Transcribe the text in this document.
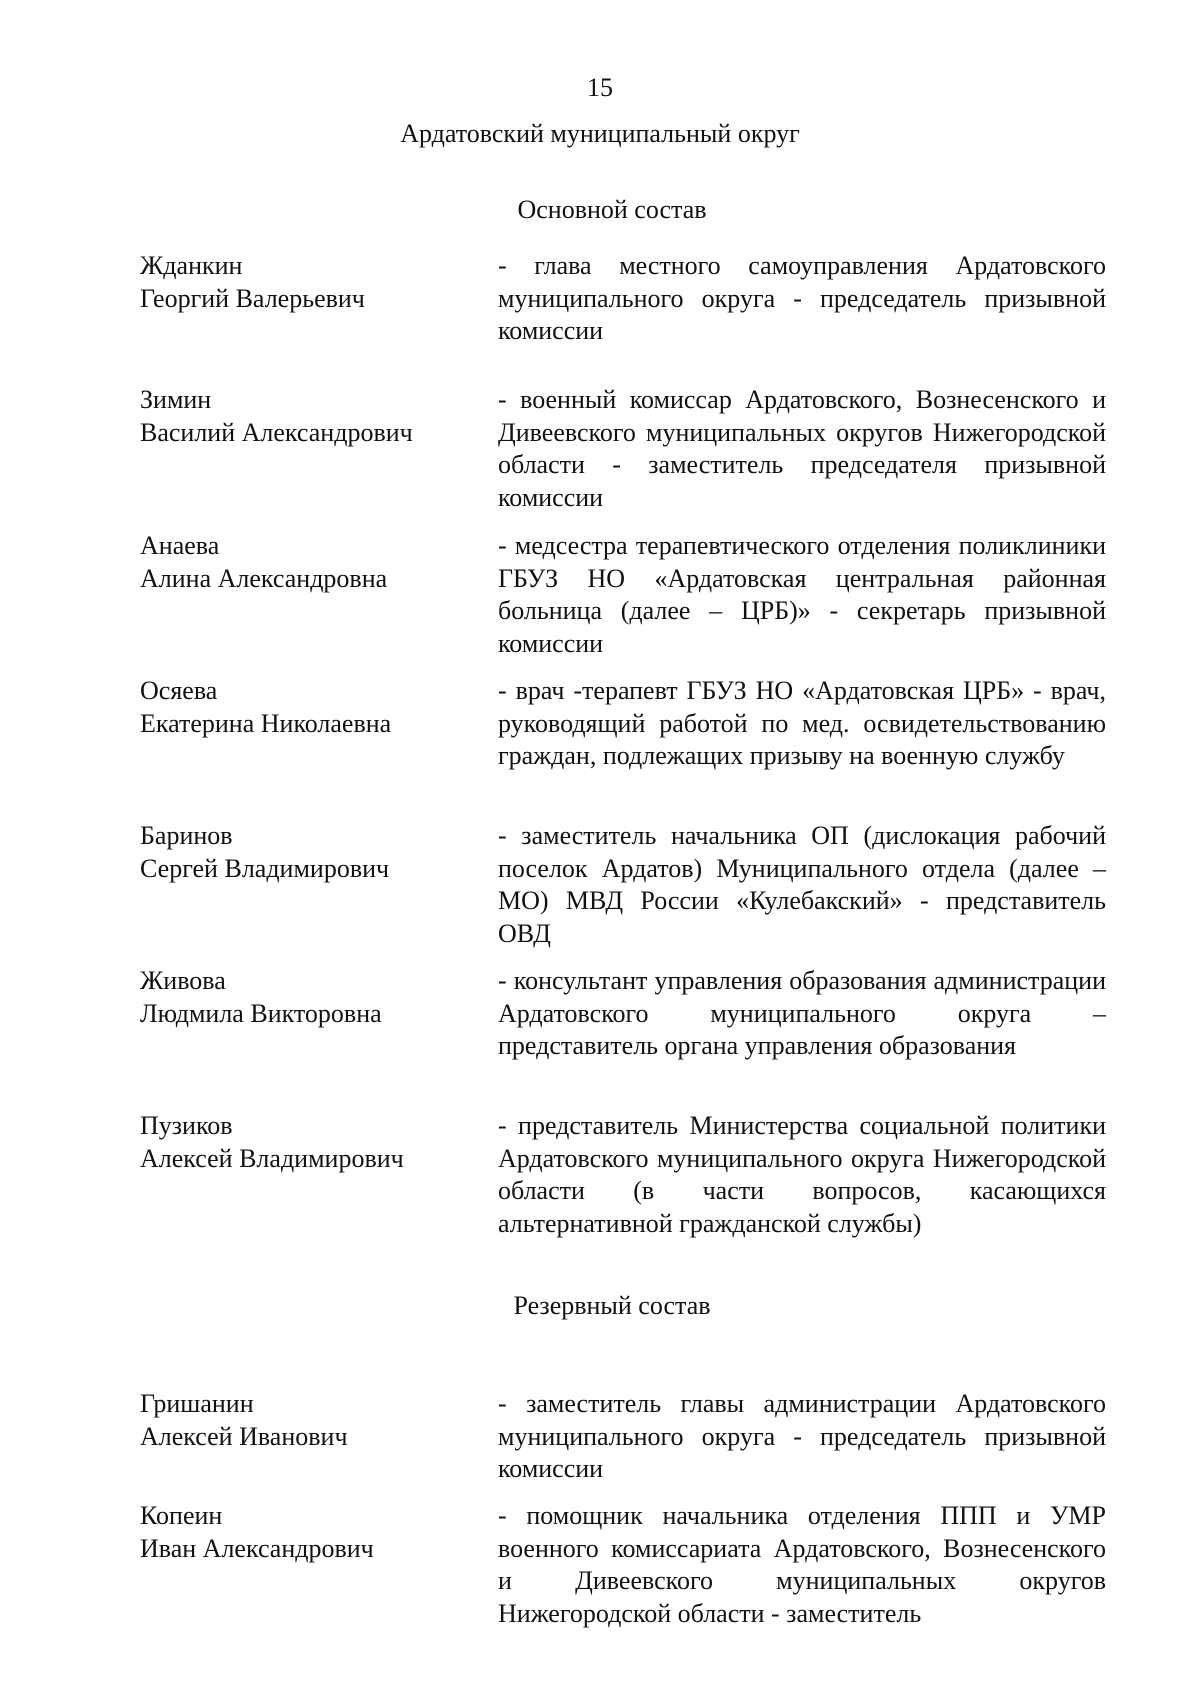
15
Ардатовский муниципальный округ
Основной состав
Жданкин
Георгий Валерьевич
- глава местного самоуправления Ардатовского муниципального округа - председатель призывной комиссии
Зимин
Василий Александрович
- военный комиссар Ардатовского, Вознесенского и Дивеевского муниципальных округов Нижегородской области - заместитель председателя призывной комиссии
Анаева
Алина Александровна
- медсестра терапевтического отделения поликлиники ГБУЗ НО «Ардатовская центральная районная больница (далее – ЦРБ)» - секретарь призывной комиссии
Осяева
Екатерина Николаевна
- врач -терапевт ГБУЗ НО «Ардатовская ЦРБ» - врач, руководящий работой по мед. освидетельствованию граждан, подлежащих призыву на военную службу
Баринов
Сергей Владимирович
- заместитель начальника ОП (дислокация рабочий поселок Ардатов) Муниципального отдела (далее – МО) МВД России «Кулебакский» - представитель ОВД
Живова
Людмила Викторовна
- консультант управления образования администрации Ардатовского муниципального округа – представитель органа управления образования
Пузиков
Алексей Владимирович
- представитель Министерства социальной политики Ардатовского муниципального округа Нижегородской области (в части вопросов, касающихся альтернативной гражданской службы)
Резервный состав
Гришанин
Алексей Иванович
- заместитель главы администрации Ардатовского муниципального округа - председатель призывной комиссии
Копеин
Иван Александрович
- помощник начальника отделения ППП и УМР военного комиссариата Ардатовского, Вознесенского и Дивеевского муниципальных округов Нижегородской области - заместитель
